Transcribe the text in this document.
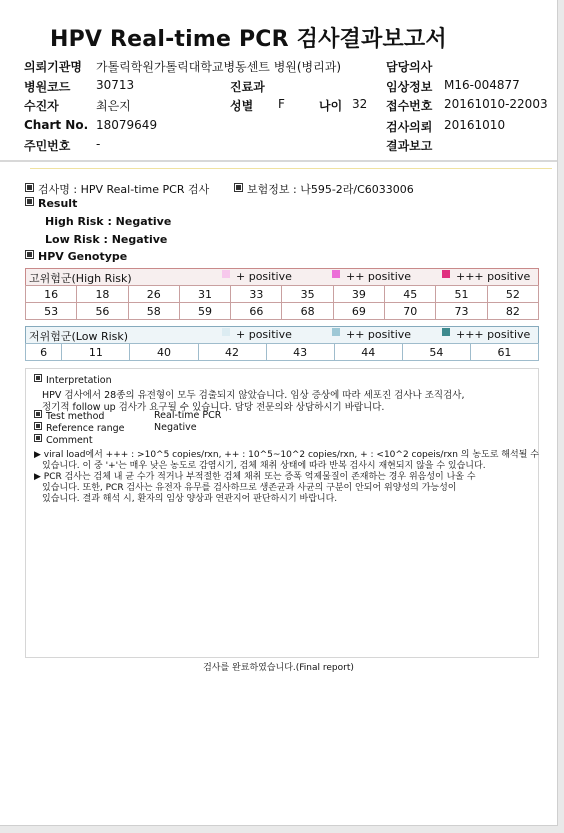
HPV Real-time PCR 검사결과보고서
의뢰기관명 가톨릭학원가톨릭대학교병동센트 병원(병리과)	담당의사
병원코드 30713	진료과	임상정보 M16-004877
수진자	최은지	성별 F	나이 32 접수번호 20161010-22003
Chart No. 18079649	검사의뢰 20161010
주민번호 -	결과보고
검사명 : HPV Real-time PCR 검사	보험정보 : 나595-2라/C6033006
Result
High Risk : Negative
Low Risk : Negative
HPV Genotype
고위험군(High Risk)	+ positive	++ positive	+++ positive
16	18	26	31	33	35	39	45	51	52
53	56	58	59	66	68	69	70	73	82
저위험군(Low Risk)	+ positive	++ positive	+++ positive
6	11	40	42	43	44	54	61
Interpretation
HPV 검사에서 28종의 유전형이 모두 검출되지 않았습니다. 임상 증상에 따라 세포진 검사나 조직검사,
정기적 follow up 검사가 요구될 수 있습니다. 담당 전문의와 상담하시기 바랍니다.
Test method	Real-time PCR
Reference range	Negative
Comment
▶ viral load에서 +++ : >10^5 copies/rxn, ++ : 10^5~10^2 copies/rxn, + : <10^2 copeis/rxn 의 농도로 해석될 수
있습니다. 이 중 '+'는 매우 낮은 농도로 감염시기, 검체 채취 상태에 따라 반복 검사시 재현되지 않을 수 있습니다.
▶ PCR 검사는 검체 내 균 수가 적거나 부적절한 검체 채취 또는 증폭 억제물질이 존재하는 경우 위음성이 나올 수
있습니다. 또한, PCR 검사는 유전자 유무를 검사하므로 생존균과 사균의 구분이 안되어 위양성의 가능성이
있습니다. 결과 해석 시, 환자의 임상 양상과 연관지어 판단하시기 바랍니다.
검사를 완료하였습니다.(Final report)
